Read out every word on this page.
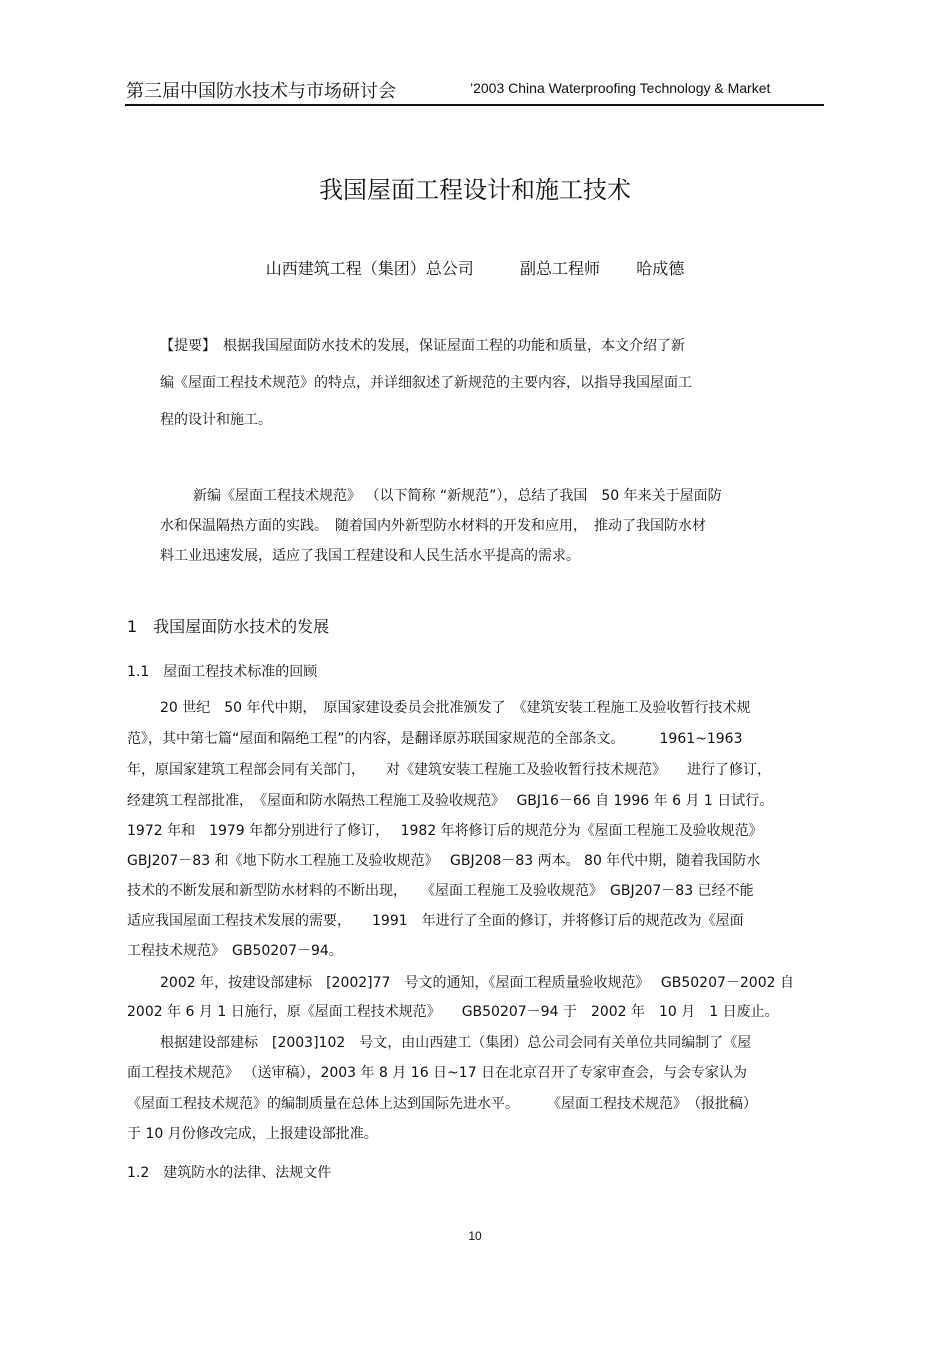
第三届中国防水技术与市场研讨会	’2003 China Waterproofing Technology & Market
我国屋面工程设计和施工技术
山西建筑工程（集团）总公司	副总工程师 哈成德
【提要】　根据我国屋面防水技术的发展，保证屋面工程的功能和质量，本文介绍了新
编《屋面工程技术规范》的特点，并详细叙述了新规范的主要内容，以指导我国屋面工
程的设计和施工。
新编《屋面工程技术规范》 （以下简称 “新规范”），总结了我国　50 年来关于屋面防
水和保温隔热方面的实践。　随着国内外新型防水材料的开发和应用，　推动了我国防水材
料工业迅速发展，适应了我国工程建设和人民生活水平提高的需求。
1　我国屋面防水技术的发展
1.1　屋面工程技术标准的回顾
20 世纪　50 年代中期，　原国家建设委员会批准颁发了　《建筑安装工程施工及验收暂行技术规
范》，其中第七篇“屋面和隔绝工程”的内容，是翻译原苏联国家规范的全部条文。　　　1961~1963
年，原国家建筑工程部会同有关部门，　　对《建筑安装工程施工及验收暂行技术规范》　　进行了修订，
经建筑工程部批准，　《屋面和防水隔热工程施工及验收规范》　 GBJ16－66 自 1996 年 6 月 1 日试行。
1972 年和　1979 年都分别进行了修订，　 1982 年将修订后的规范分为《屋面工程施工及验收规范》
GBJ207－83 和《地下防水工程施工及验收规范》　 GBJ208－83 两本。 80 年代中期，随着我国防水
技术的不断发展和新型防水材料的不断出现，　　《屋面工程施工及验收规范》　GBJ207－83 已经不能
适应我国屋面工程技术发展的需要，　　1991　年进行了全面的修订，并将修订后的规范改为《屋面
工程技术规范》　GB50207－94。
2002 年，按建设部建标　[2002]77　号文的通知，《屋面工程质量验收规范》　 GB50207－2002 自
2002 年 6 月 1 日施行，原《屋面工程技术规范》　　GB50207－94 于　2002 年　10 月　1 日废止。
根据建设部建标　[2003]102　号文，由山西建工（集团）总公司会同有关单位共同编制了《屋
面工程技术规范》 （送审稿），2003 年 8 月 16 日~17 日在北京召开了专家审查会，与会专家认为
《屋面工程技术规范》的编制质量在总体上达到国际先进水平。　　　《屋面工程技术规范》　（报批稿）
于 10 月份修改完成，上报建设部批准。
1.2　建筑防水的法律、法规文件
10
